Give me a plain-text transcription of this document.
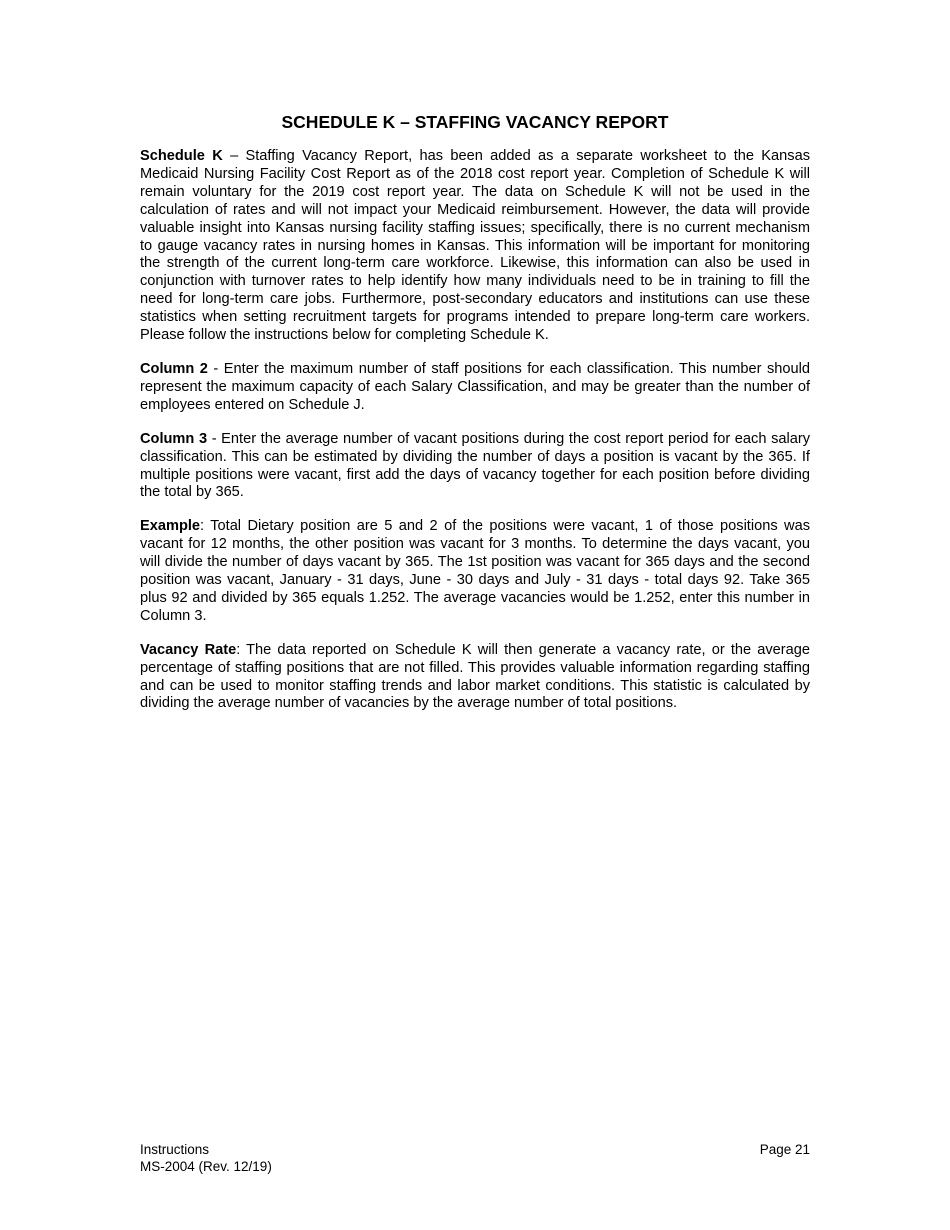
SCHEDULE K – STAFFING VACANCY REPORT

Schedule K – Staffing Vacancy Report, has been added as a separate worksheet to the Kansas Medicaid Nursing Facility Cost Report as of the 2018 cost report year. Completion of Schedule K will remain voluntary for the 2019 cost report year. The data on Schedule K will not be used in the calculation of rates and will not impact your Medicaid reimbursement. However, the data will provide valuable insight into Kansas nursing facility staffing issues; specifically, there is no current mechanism to gauge vacancy rates in nursing homes in Kansas. This information will be important for monitoring the strength of the current long-term care workforce. Likewise, this information can also be used in conjunction with turnover rates to help identify how many individuals need to be in training to fill the need for long-term care jobs. Furthermore, post-secondary educators and institutions can use these statistics when setting recruitment targets for programs intended to prepare long-term care workers. Please follow the instructions below for completing Schedule K.

Column 2 - Enter the maximum number of staff positions for each classification. This number should represent the maximum capacity of each Salary Classification, and may be greater than the number of employees entered on Schedule J.

Column 3 - Enter the average number of vacant positions during the cost report period for each salary classification. This can be estimated by dividing the number of days a position is vacant by the 365. If multiple positions were vacant, first add the days of vacancy together for each position before dividing the total by 365.

Example: Total Dietary position are 5 and 2 of the positions were vacant, 1 of those positions was vacant for 12 months, the other position was vacant for 3 months. To determine the days vacant, you will divide the number of days vacant by 365. The 1st position was vacant for 365 days and the second position was vacant, January - 31 days, June - 30 days and July - 31 days - total days 92. Take 365 plus 92 and divided by 365 equals 1.252. The average vacancies would be 1.252, enter this number in Column 3.

Vacancy Rate: The data reported on Schedule K will then generate a vacancy rate, or the average percentage of staffing positions that are not filled. This provides valuable information regarding staffing and can be used to monitor staffing trends and labor market conditions. This statistic is calculated by dividing the average number of vacancies by the average number of total positions.

Instructions
MS-2004 (Rev. 12/19)
Page 21
